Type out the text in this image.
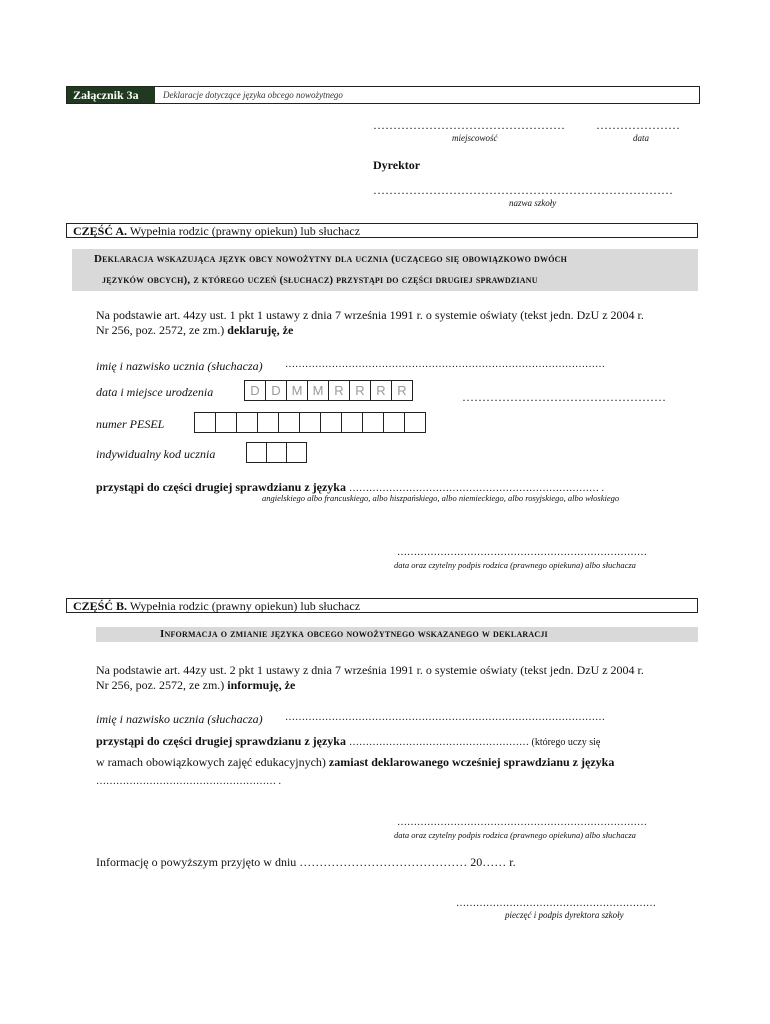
Załącznik 3a	Deklaracje dotyczące języka obcego nowożytnego
…………………………………………	…………………
miejscowość	data
Dyrektor
…………………………………………………………………
nazwa szkoły
CZĘŚĆ A. Wypełnia rodzic (prawny opiekun) lub słuchacz
Deklaracja wskazująca język obcy nowożytny dla ucznia (uczącego się obowiązkowo dwóch
języków obcych), z którego uczeń (słuchacz) przystąpi do części drugiej sprawdzianu
Na podstawie art. 44zy ust. 1 pkt 1 ustawy z dnia 7 września 1991 r. o systemie oświaty (tekst jedn. DzU z 2004 r.
Nr 256, poz. 2572, ze zm.) deklaruję, że
imię i nazwisko ucznia (słuchacza) ……………………………………………………………………………………
data i miejsce urodzenia	D D M M R R R R	……………………………………………
numer PESEL
indywidualny kod ucznia
przystąpi do części drugiej sprawdzianu z języka ………………………………………………………………… .
angielskiego albo francuskiego, albo hiszpańskiego, albo niemieckiego, albo rosyjskiego, albo włoskiego
…………………………………………………………………
data oraz czytelny podpis rodzica (prawnego opiekuna) albo słuchacza
CZĘŚĆ B. Wypełnia rodzic (prawny opiekun) lub słuchacz
Informacja o zmianie języka obcego nowożytnego wskazanego w deklaracji
Na podstawie art. 44zy ust. 2 pkt 1 ustawy z dnia 7 września 1991 r. o systemie oświaty (tekst jedn. DzU z 2004 r.
Nr 256, poz. 2572, ze zm.) informuję, że
imię i nazwisko ucznia (słuchacza) ……………………………………………………………………………………
przystąpi do części drugiej sprawdzianu z języka ……………………………………………… (którego uczy się
w ramach obowiązkowych zajęć edukacyjnych) zamiast deklarowanego wcześniej sprawdzianu z języka
……………………………………………… .
…………………………………………………………………
data oraz czytelny podpis rodzica (prawnego opiekuna) albo słuchacza
Informację o powyższym przyjęto w dniu …………………………………… 20…… r.
……………………………………………………
pieczęć i podpis dyrektora szkoły
